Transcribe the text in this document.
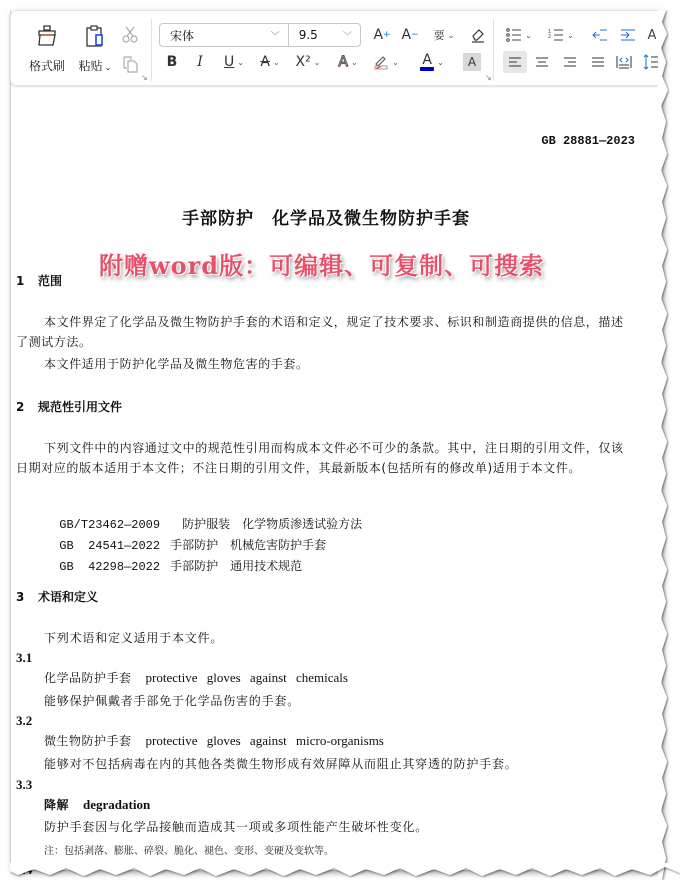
格式刷	粘贴 ⌄
↘
宋体	﹀ 9.5	﹀ A + A − 要 ⌄
B	I	U ⌄ A ⌄ X² ⌄ A ⌄	⌄ A ⌄	A
↘
⌄	1
2 ⌄	A
GB 28881—2023
手部防护　化学品及微生物防护手套
附赠word版：可编辑、可复制、可搜索
1 范围
本文件界定了化学品及微生物防护手套的术语和定义，规定了技术要求、标识和制造商提供的信息，描述了测试方法。
本文件适用于防护化学品及微生物危害的手套。
2 规范性引用文件
下列文件中的内容通过文中的规范性引用而构成本文件必不可少的条款。其中，注日期的引用文件，仅该日期对应的版本适用于本文件；不注日期的引用文件，其最新版本(包括所有的修改单)适用于本文件。

GB/T23462—2009　防护服装　化学物质渗透试验方法

GB  24541—2022 手部防护　机械危害防护手套

GB  42298—2022 手部防护　通用技术规范

3 术语和定义
下列术语和定义适用于本文件。
3.1
化学品防护手套 protective gloves against chemicals
能够保护佩戴者手部免于化学品伤害的手套。
3.2
微生物防护手套 protective gloves against micro-organisms
能够对不包括病毒在内的其他各类微生物形成有效屏障从而阻止其穿透的防护手套。
3.3
降解 degradation
防护手套因与化学品接触而造成其一项或多项性能产生破坏性变化。
注：包括剥落、膨胀、碎裂、脆化、褪色、变形、变硬及变软等。
